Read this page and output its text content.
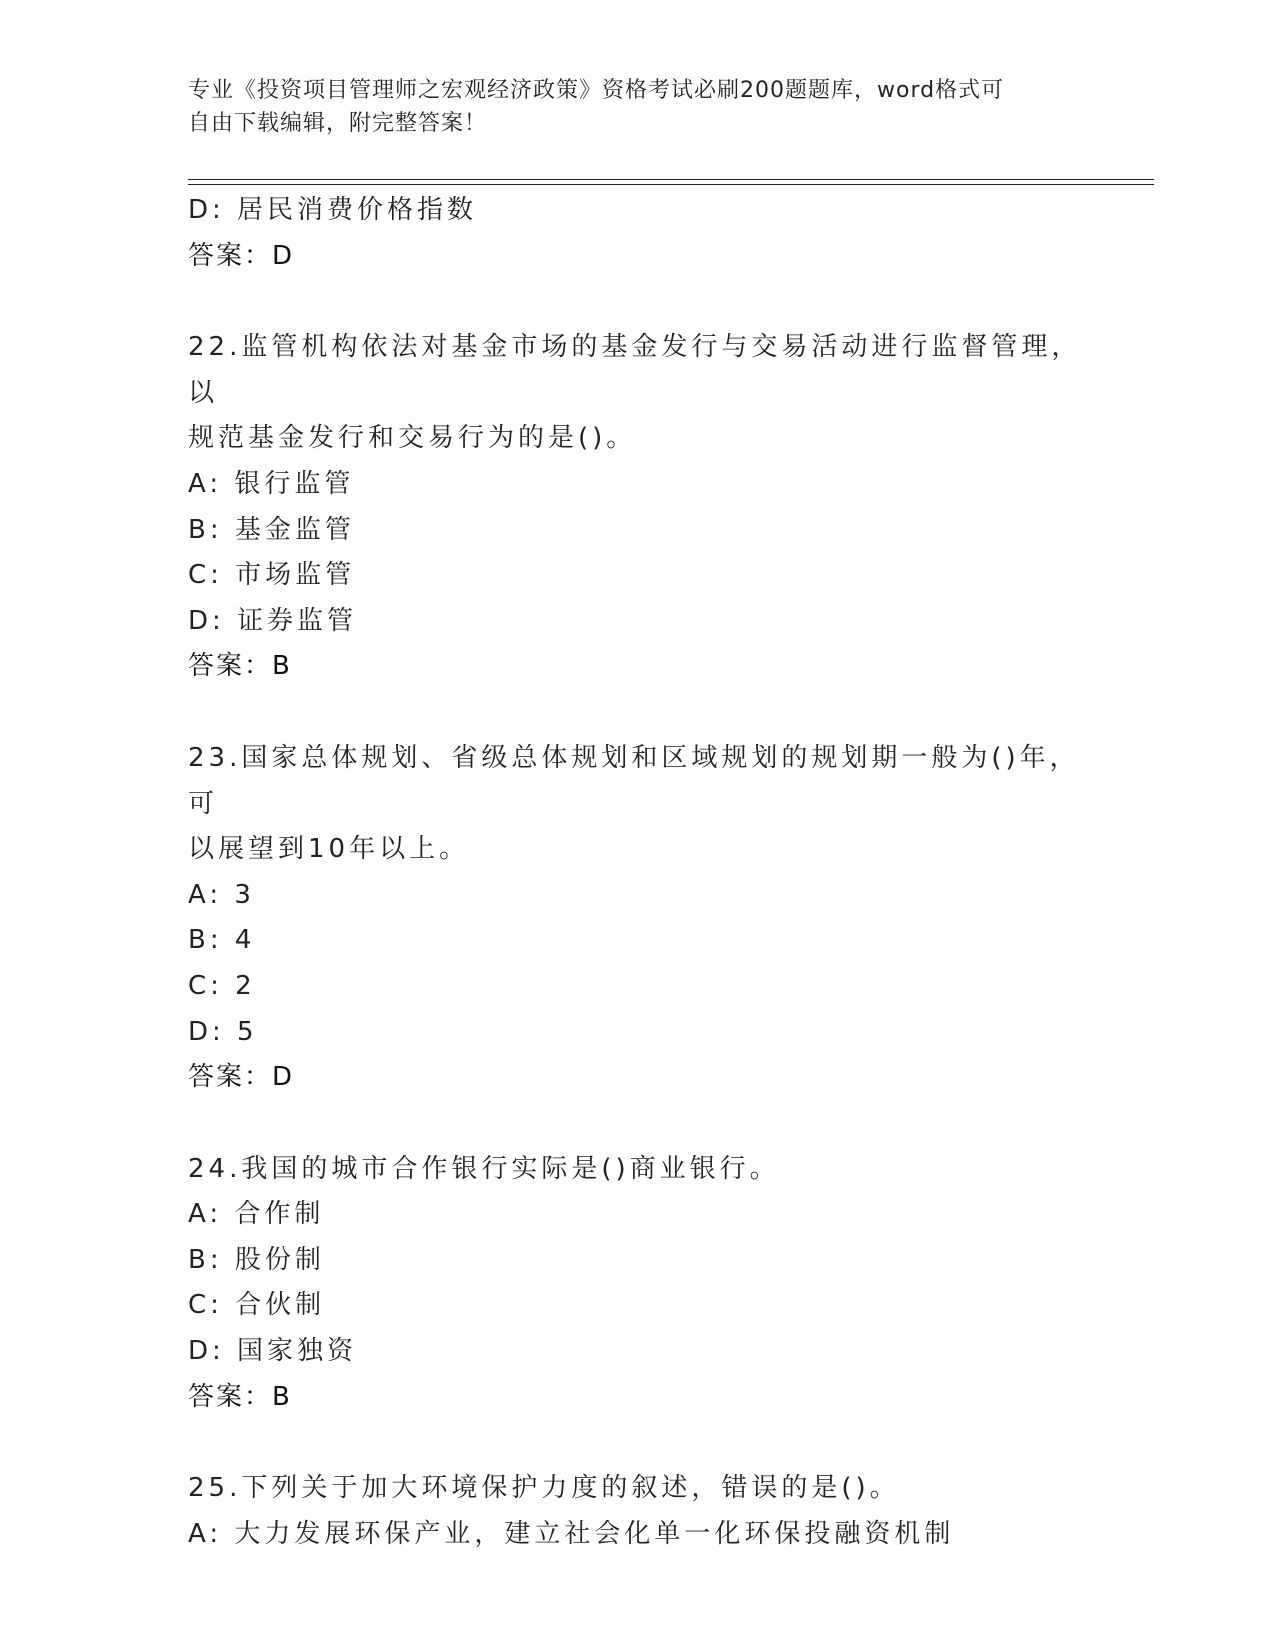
专业《投资项目管理师之宏观经济政策》资格考试必刷200题题库，word格式可
自由下载编辑，附完整答案！
D: 居民消费价格指数
答案：D
22.监管机构依法对基金市场的基金发行与交易活动进行监督管理，以
规范基金发行和交易行为的是()。
A: 银行监管
B: 基金监管
C: 市场监管
D: 证券监管
答案：B
23.国家总体规划、省级总体规划和区域规划的规划期一般为()年，可
以展望到10年以上。
A: 3
B: 4
C: 2
D: 5
答案：D
24.我国的城市合作银行实际是()商业银行。
A: 合作制
B: 股份制
C: 合伙制
D: 国家独资
答案：B
25.下列关于加大环境保护力度的叙述，错误的是()。
A: 大力发展环保产业，建立社会化单一化环保投融资机制
